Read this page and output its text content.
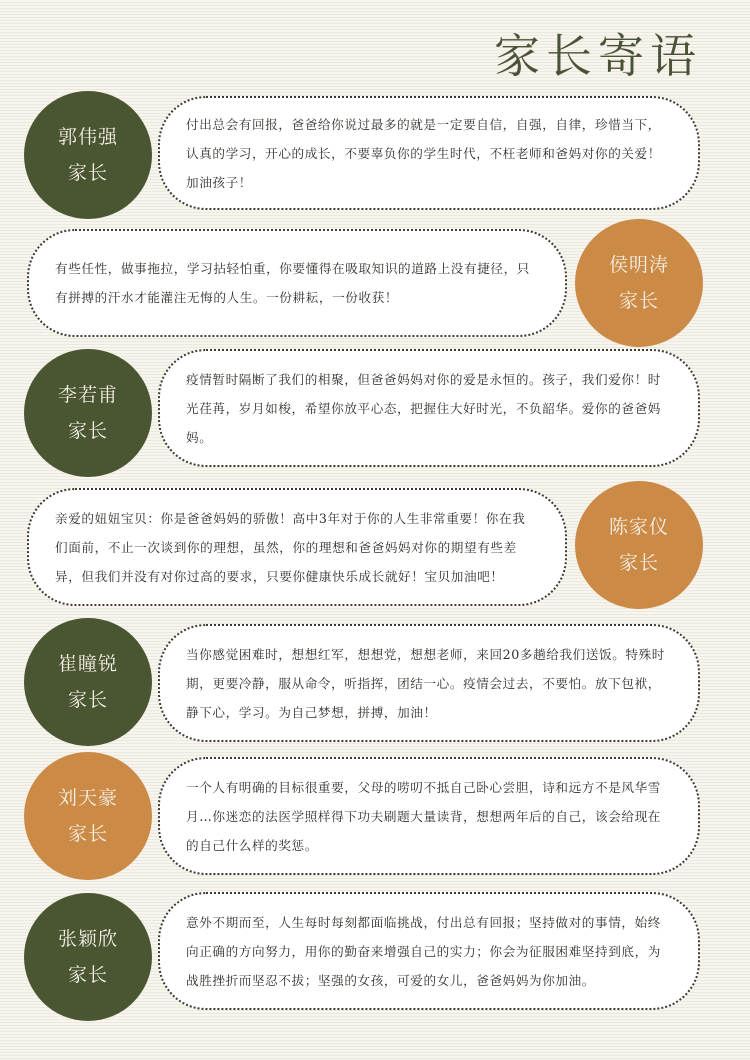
家长寄语
付出总会有回报，爸爸给你说过最多的就是一定要自信，自强，自律，珍惜当下，认真的学习，开心的成长，不要辜负你的学生时代，不枉老师和爸妈对你的关爱！加油孩子！
郭伟强
家长
有些任性，做事拖拉，学习拈轻怕重，你要懂得在吸取知识的道路上没有捷径，只有拼搏的汗水才能灌注无悔的人生。一份耕耘，一份收获！
侯明涛
家长
疫情暂时隔断了我们的相聚，但爸爸妈妈对你的爱是永恒的。孩子，我们爱你！时光荏苒，岁月如梭，希望你放平心态，把握住大好时光，不负韶华。爱你的爸爸妈妈。
李若甫
家长
亲爱的妞妞宝贝：你是爸爸妈妈的骄傲！高中3年对于你的人生非常重要！你在我们面前，不止一次谈到你的理想，虽然，你的理想和爸爸妈妈对你的期望有些差异，但我们并没有对你过高的要求，只要你健康快乐成长就好！宝贝加油吧！
陈家仪
家长
当你感觉困难时，想想红军，想想党，想想老师，来回20多趟给我们送饭。特殊时期，更要冷静，服从命令，听指挥，团结一心。疫情会过去，不要怕。放下包袱，静下心，学习。为自己梦想，拼搏，加油！
崔瞳锐
家长
一个人有明确的目标很重要，父母的唠叨不抵自己卧心尝胆，诗和远方不是风华雪月…你迷恋的法医学照样得下功夫刷题大量读背，想想两年后的自己，该会给现在的自己什么样的奖惩。
刘天豪
家长
意外不期而至，人生每时每刻都面临挑战，付出总有回报；坚持做对的事情，始终向正确的方向努力，用你的勤奋来增强自己的实力；你会为征服困难坚持到底，为战胜挫折而坚忍不拔；坚强的女孩，可爱的女儿，爸爸妈妈为你加油。
张颖欣
家长
